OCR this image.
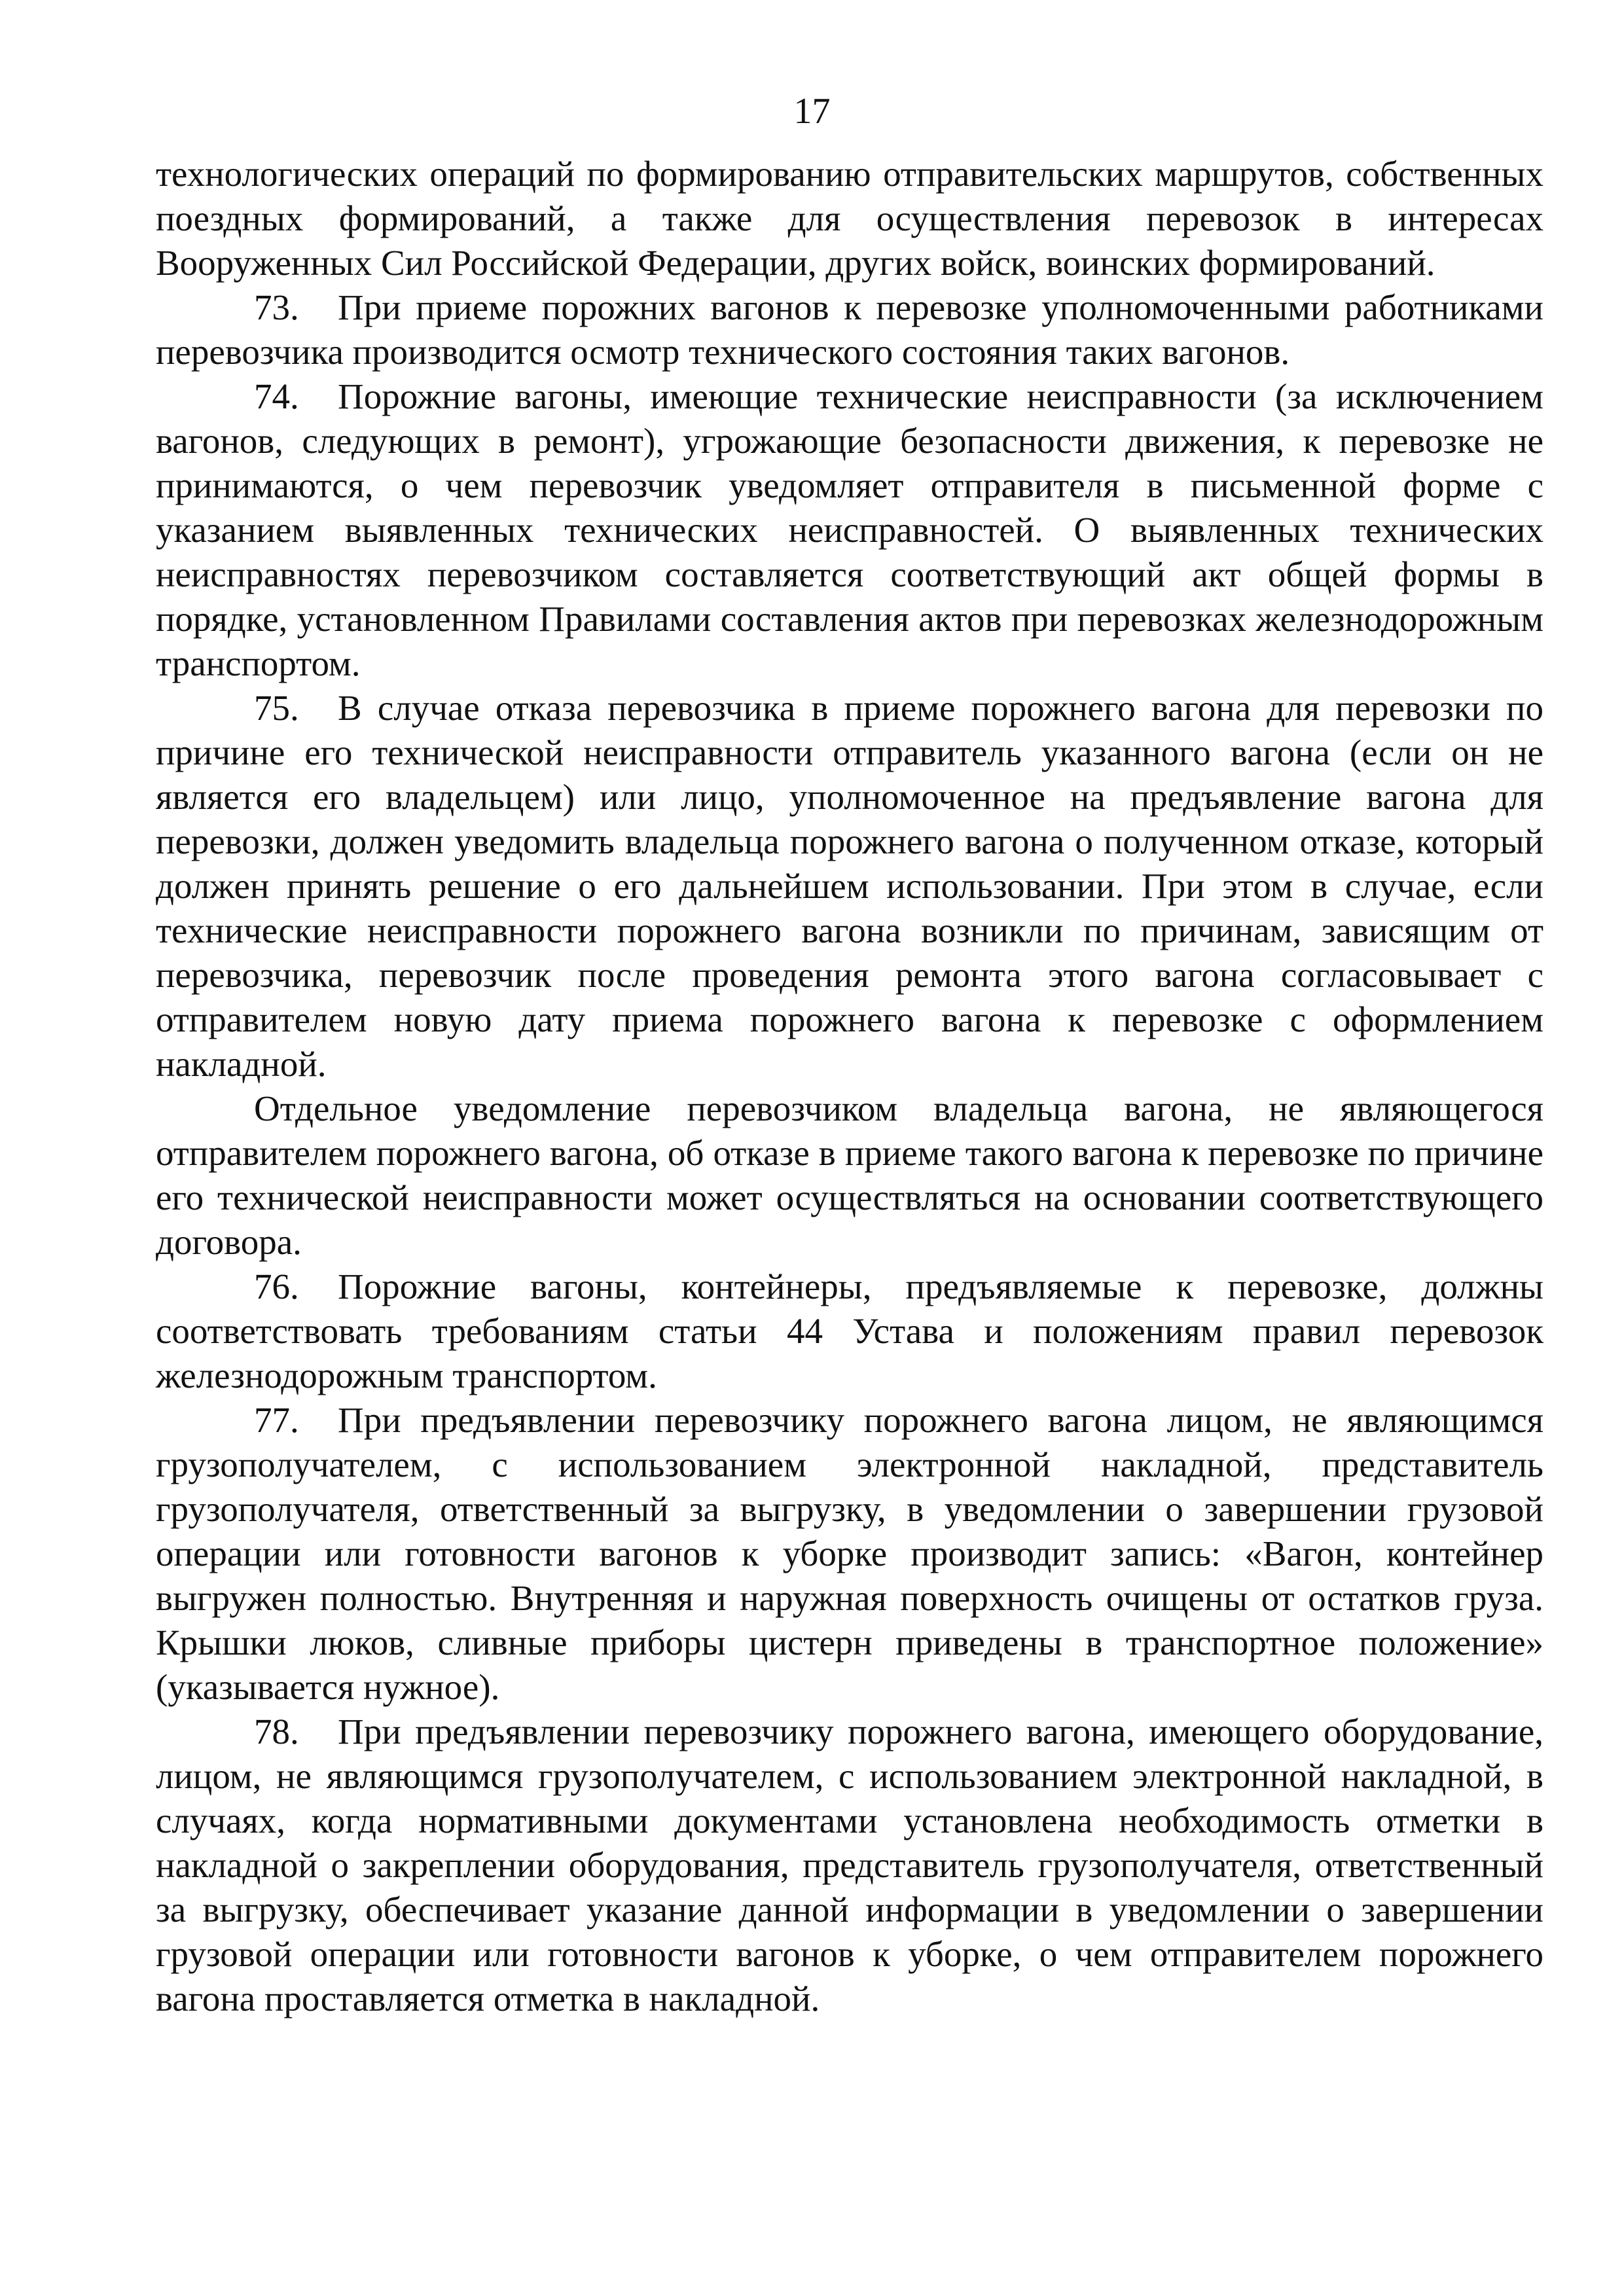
17

технологических операций по формированию отправительских маршрутов, собственных поездных формирований, а также для осуществления перевозок в интересах Вооруженных Сил Российской Федерации, других войск, воинских формирований.

73. При приеме порожних вагонов к перевозке уполномоченными работниками перевозчика производится осмотр технического состояния таких вагонов.

74. Порожние вагоны, имеющие технические неисправности (за исключением вагонов, следующих в ремонт), угрожающие безопасности движения, к перевозке не принимаются, о чем перевозчик уведомляет отправителя в письменной форме с указанием выявленных технических неисправностей. О выявленных технических неисправностях перевозчиком составляется соответствующий акт общей формы в порядке, установленном Правилами составления актов при перевозках железнодорожным транспортом.

75. В случае отказа перевозчика в приеме порожнего вагона для перевозки по причине его технической неисправности отправитель указанного вагона (если он не является его владельцем) или лицо, уполномоченное на предъявление вагона для перевозки, должен уведомить владельца порожнего вагона о полученном отказе, который должен принять решение о его дальнейшем использовании. При этом в случае, если технические неисправности порожнего вагона возникли по причинам, зависящим от перевозчика, перевозчик после проведения ремонта этого вагона согласовывает с отправителем новую дату приема порожнего вагона к перевозке с оформлением накладной.

Отдельное уведомление перевозчиком владельца вагона, не являющегося отправителем порожнего вагона, об отказе в приеме такого вагона к перевозке по причине его технической неисправности может осуществляться на основании соответствующего договора.

76. Порожние вагоны, контейнеры, предъявляемые к перевозке, должны соответствовать требованиям статьи 44 Устава и положениям правил перевозок железнодорожным транспортом.

77. При предъявлении перевозчику порожнего вагона лицом, не являющимся грузополучателем, с использованием электронной накладной, представитель грузополучателя, ответственный за выгрузку, в уведомлении о завершении грузовой операции или готовности вагонов к уборке производит запись: «Вагон, контейнер выгружен полностью. Внутренняя и наружная поверхность очищены от остатков груза. Крышки люков, сливные приборы цистерн приведены в транспортное положение» (указывается нужное).

78. При предъявлении перевозчику порожнего вагона, имеющего оборудование, лицом, не являющимся грузополучателем, с использованием электронной накладной, в случаях, когда нормативными документами установлена необходимость отметки в накладной о закреплении оборудования, представитель грузополучателя, ответственный за выгрузку, обеспечивает указание данной информации в уведомлении о завершении грузовой операции или готовности вагонов к уборке, о чем отправителем порожнего вагона проставляется отметка в накладной.
